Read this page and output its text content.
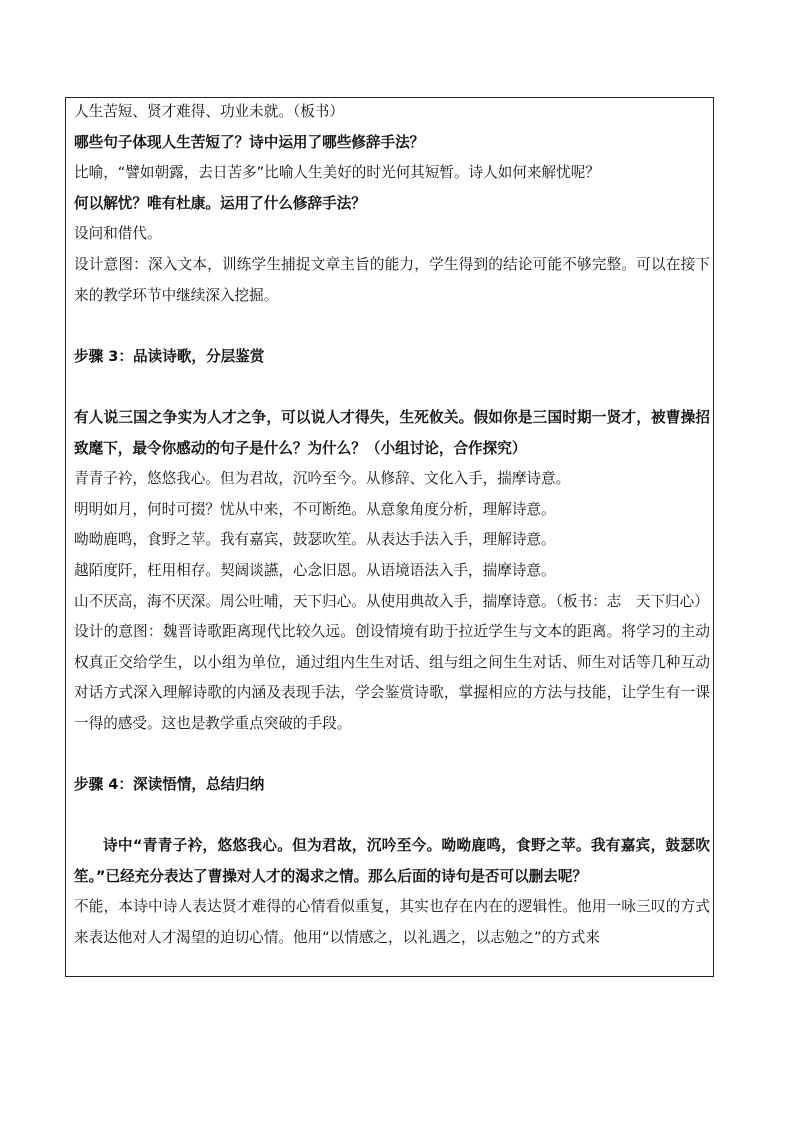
人生苦短、贤才难得、功业未就。（板书）
哪些句子体现人生苦短了？诗中运用了哪些修辞手法？
比喻，“譬如朝露，去日苦多”比喻人生美好的时光何其短暂。诗人如何来解忧呢？
何以解忧？唯有杜康。运用了什么修辞手法？
设问和借代。
设计意图：深入文本，训练学生捕捉文章主旨的能力，学生得到的结论可能不够完整。可以在接下来的教学环节中继续深入挖掘。
步骤 3：品读诗歌，分层鉴赏
有人说三国之争实为人才之争，可以说人才得失，生死攸关。假如你是三国时期一贤才，被曹操招致麾下，最令你感动的句子是什么？为什么？（小组讨论，合作探究）
青青子衿，悠悠我心。但为君故，沉吟至今。从修辞、文化入手，揣摩诗意。
明明如月，何时可掇？忧从中来，不可断绝。从意象角度分析，理解诗意。
呦呦鹿鸣，食野之苹。我有嘉宾，鼓瑟吹笙。从表达手法入手，理解诗意。
越陌度阡，枉用相存。契阔谈讌，心念旧恩。从语境语法入手，揣摩诗意。
山不厌高，海不厌深。周公吐哺，天下归心。从使用典故入手，揣摩诗意。（板书：志　天下归心）
设计的意图：魏晋诗歌距离现代比较久远。创设情境有助于拉近学生与文本的距离。将学习的主动权真正交给学生，以小组为单位，通过组内生生对话、组与组之间生生对话、师生对话等几种互动对话方式深入理解诗歌的内涵及表现手法，学会鉴赏诗歌，掌握相应的方法与技能，让学生有一课一得的感受。这也是教学重点突破的手段。
步骤 4：深读悟情，总结归纳
诗中“青青子衿，悠悠我心。但为君故，沉吟至今。呦呦鹿鸣，食野之苹。我有嘉宾，鼓瑟吹笙。”已经充分表达了曹操对人才的渴求之情。那么后面的诗句是否可以删去呢？
不能，本诗中诗人表达贤才难得的心情看似重复，其实也存在内在的逻辑性。他用一咏三叹的方式来表达他对人才渴望的迫切心情。他用“以情感之，以礼遇之，以志勉之”的方式来
